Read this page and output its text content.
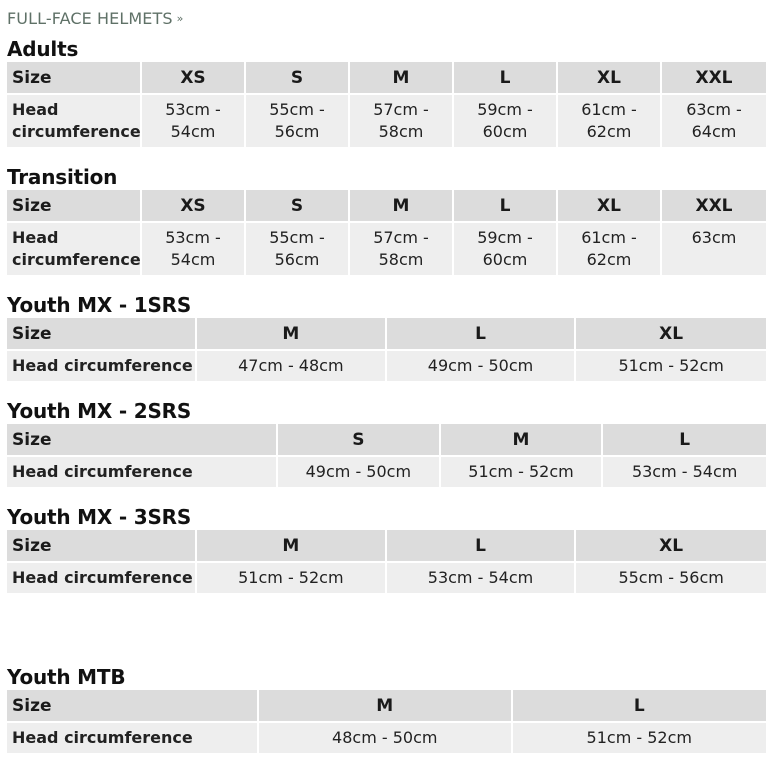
FULL-FACE HELMETS »
Adults
Size	XS	S	M	L	XL	XXL
Head circumference	53cm - 54cm	55cm - 56cm	57cm - 58cm	59cm - 60cm	61cm - 62cm	63cm - 64cm
Transition
Size	XS	S	M	L	XL	XXL
Head circumference	53cm - 54cm	55cm - 56cm	57cm - 58cm	59cm - 60cm	61cm - 62cm	63cm
Youth MX - 1SRS
Size	M	L	XL
Head circumference	47cm - 48cm	49cm - 50cm	51cm - 52cm
Youth MX - 2SRS
Size	S	M	L
Head circumference	49cm - 50cm	51cm - 52cm	53cm - 54cm
Youth MX - 3SRS
Size	M	L	XL
Head circumference	51cm - 52cm	53cm - 54cm	55cm - 56cm
Youth MTB
Size	M	L
Head circumference	48cm - 50cm	51cm - 52cm
